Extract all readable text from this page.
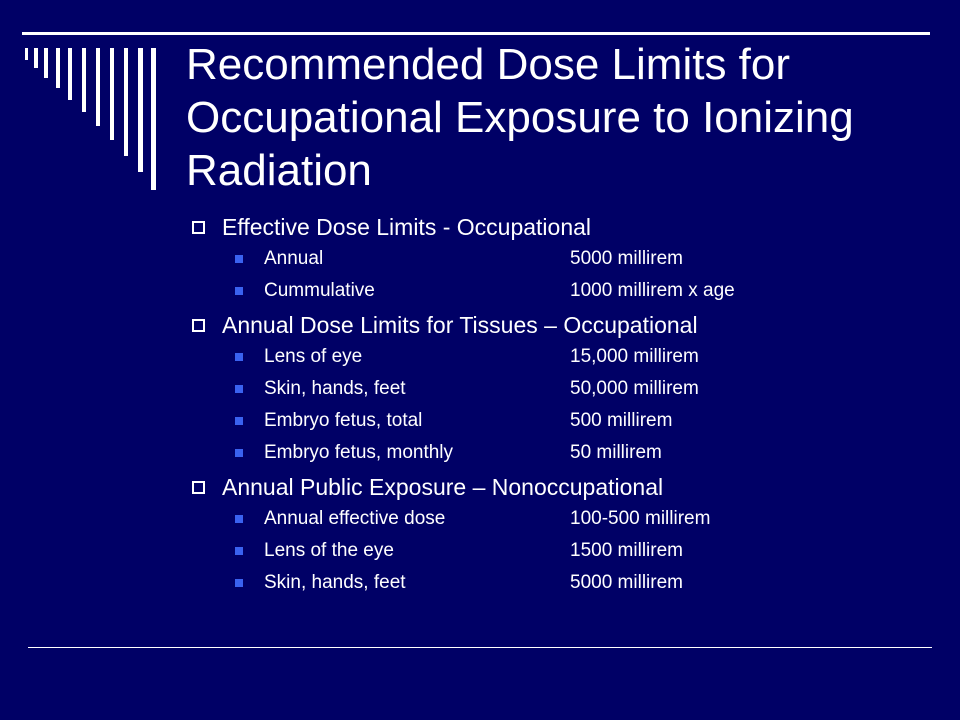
Recommended Dose Limits for Occupational Exposure to Ionizing Radiation
Effective Dose Limits - Occupational
Annual	5000 millirem
Cummulative	1000 millirem x age
Annual Dose Limits for Tissues – Occupational
Lens of eye	15,000 millirem
Skin, hands, feet	50,000 millirem
Embryo fetus, total	500 millirem
Embryo fetus, monthly	50 millirem
Annual Public Exposure – Nonoccupational
Annual effective dose	100-500 millirem
Lens of the eye	1500 millirem
Skin, hands, feet	5000 millirem
